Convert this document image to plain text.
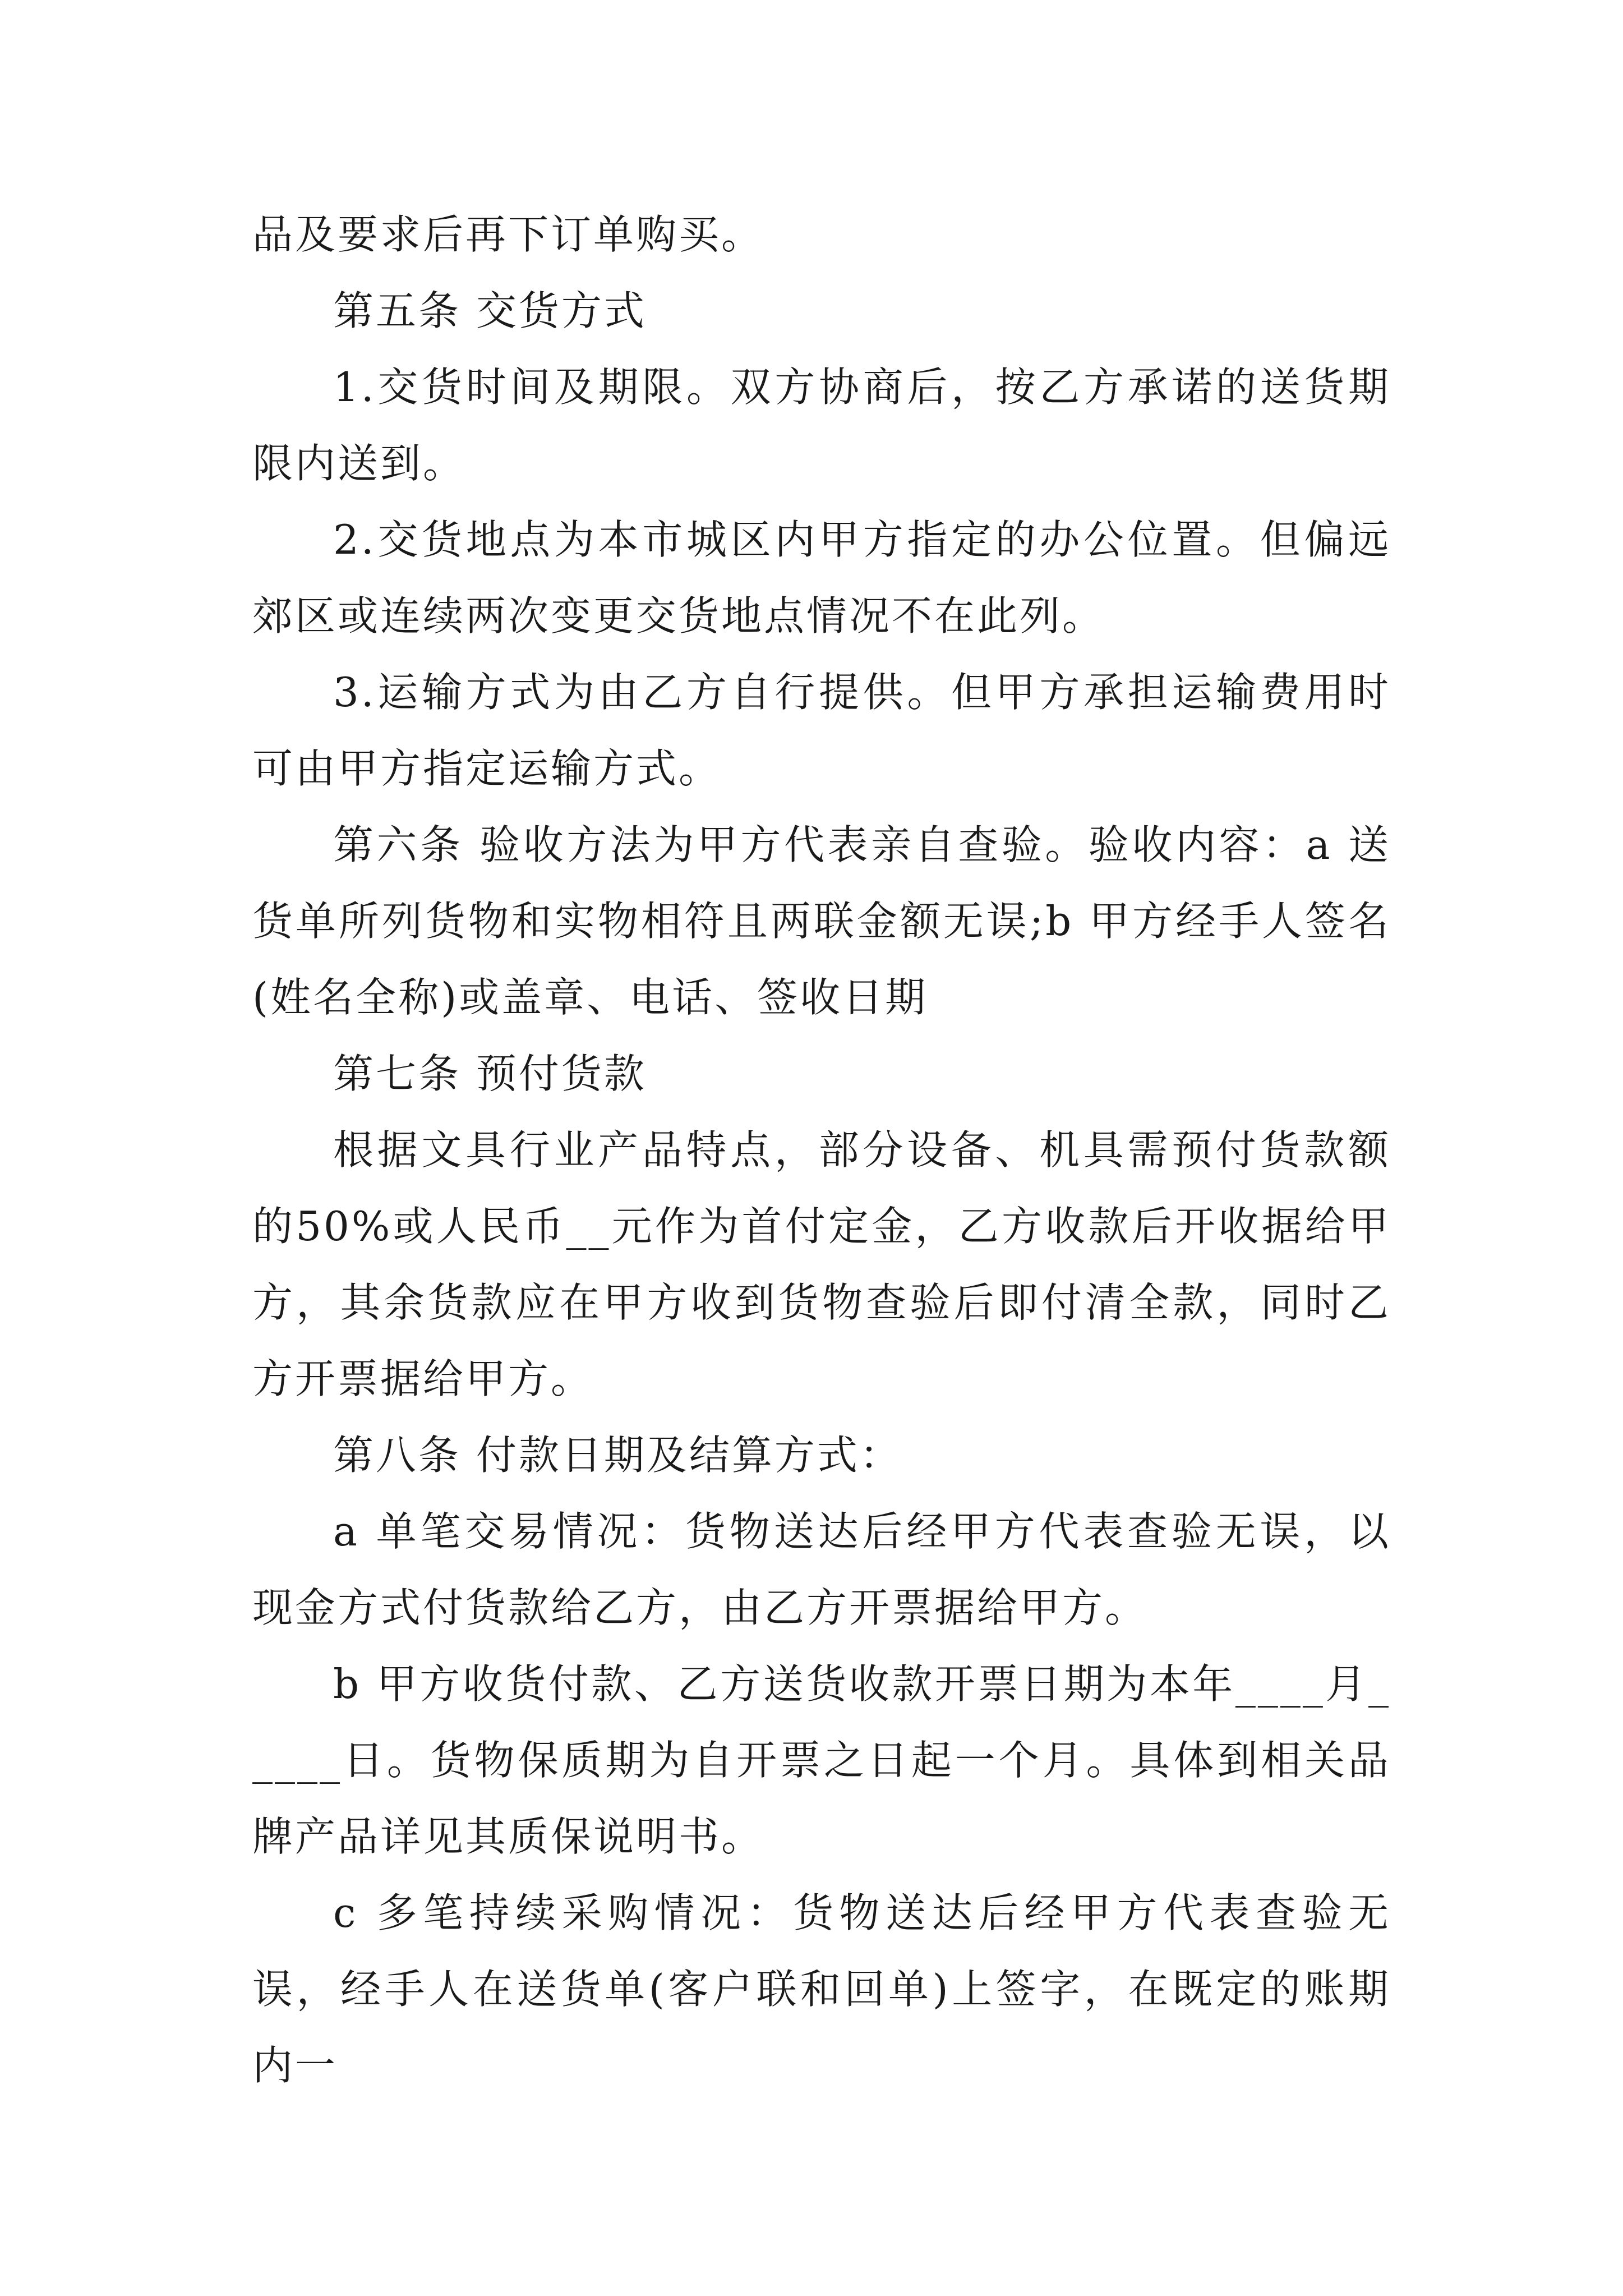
品及要求后再下订单购买。

第五条 交货方式

1.交货时间及期限。双方协商后，按乙方承诺的送货期限内送到。

2.交货地点为本市城区内甲方指定的办公位置。但偏远郊区或连续两次变更交货地点情况不在此列。

3.运输方式为由乙方自行提供。但甲方承担运输费用时可由甲方指定运输方式。

第六条 验收方法为甲方代表亲自查验。验收内容：a 送货单所列货物和实物相符且两联金额无误;b 甲方经手人签名(姓名全称)或盖章、电话、签收日期

第七条 预付货款

根据文具行业产品特点，部分设备、机具需预付货款额的50%或人民币__元作为首付定金，乙方收款后开收据给甲方，其余货款应在甲方收到货物查验后即付清全款，同时乙方开票据给甲方。

第八条 付款日期及结算方式：

a 单笔交易情况：货物送达后经甲方代表查验无误，以现金方式付货款给乙方，由乙方开票据给甲方。

b 甲方收货付款、乙方送货收款开票日期为本年____月_____日。货物保质期为自开票之日起一个月。具体到相关品牌产品详见其质保说明书。

c 多笔持续采购情况：货物送达后经甲方代表查验无误，经手人在送货单(客户联和回单)上签字，在既定的账期内一
